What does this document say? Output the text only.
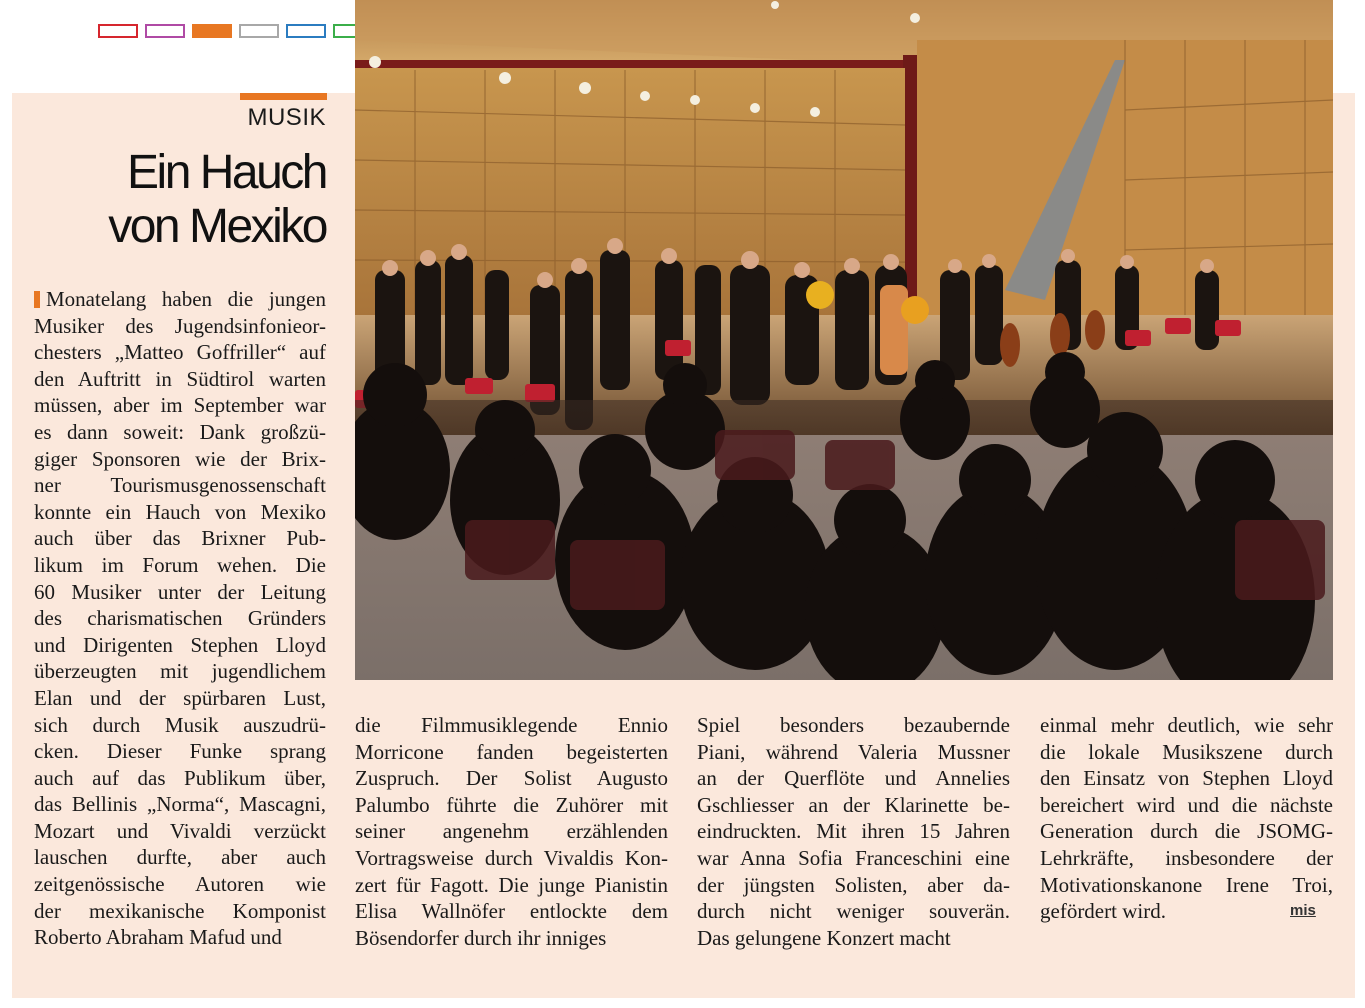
MUSIK
Ein Hauch
von Mexiko
Monatelang haben die jungen
Musiker des Jugendsinfonieor-
chesters „Matteo Goffriller“ auf
den Auftritt in Südtirol warten
müssen, aber im September war
es dann soweit: Dank großzü-
giger Sponsoren wie der Brix-
ner Tourismusgenossenschaft
konnte ein Hauch von Mexiko
auch über das Brixner Pub-
likum im Forum wehen. Die
60 Musiker unter der Leitung
des charismatischen Gründers
und Dirigenten Stephen Lloyd
überzeugten mit jugendlichem
Elan und der spürbaren Lust,
sich durch Musik auszudrü-
cken. Dieser Funke sprang
auch auf das Publikum über,
das Bellinis „Norma“, Mascagni,
Mozart und Vivaldi verzückt
lauschen durfte, aber auch
zeitgenössische Autoren wie
der mexikanische Komponist
Roberto Abraham Mafud und
die Filmmusiklegende Ennio
Morricone fanden begeisterten
Zuspruch. Der Solist Augusto
Palumbo führte die Zuhörer mit
seiner angenehm erzählenden
Vortragsweise durch Vivaldis Kon-
zert für Fagott. Die junge Pianistin
Elisa Wallnöfer entlockte dem
Bösendorfer durch ihr inniges
Spiel besonders bezaubernde
Piani, während Valeria Mussner
an der Querflöte und Annelies
Gschliesser an der Klarinette be-
eindruckten. Mit ihren 15 Jahren
war Anna Sofia Franceschini eine
der jüngsten Solisten, aber da-
durch nicht weniger souverän.
Das gelungene Konzert macht
einmal mehr deutlich, wie sehr
die lokale Musikszene durch
den Einsatz von Stephen Lloyd
bereichert wird und die nächste
Generation durch die JSOMG-
Lehrkräfte, insbesondere der
Motivationskanone Irene Troi,
gefördert wird.	mis
